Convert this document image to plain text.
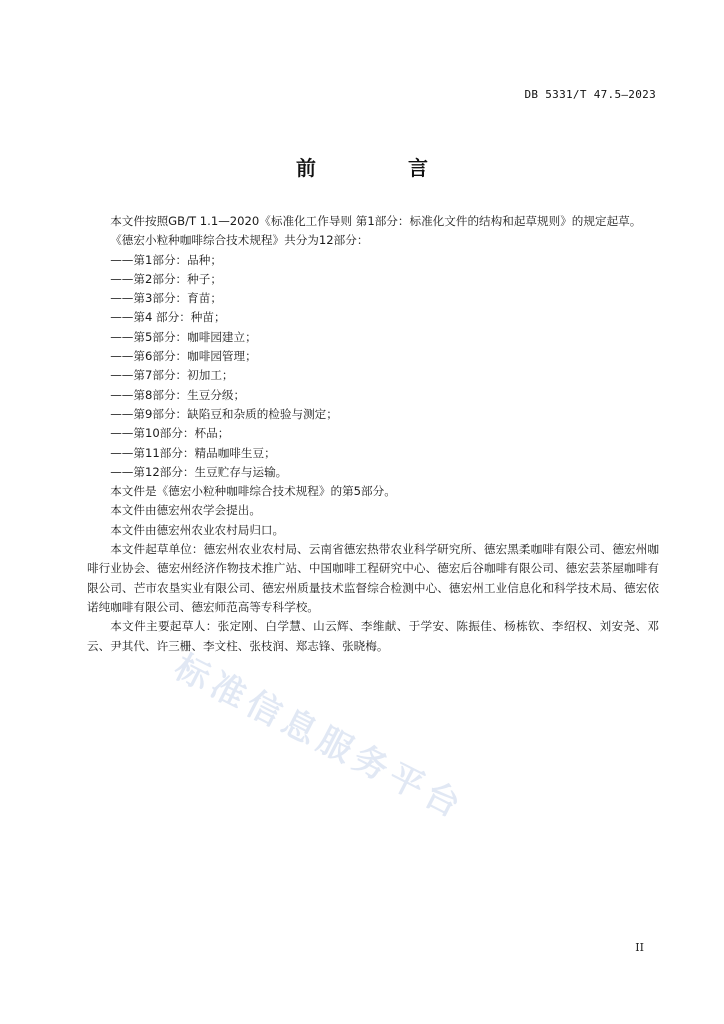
DB 5331/T 47.5—2023
前　言

本文件按照GB/T 1.1—2020《标准化工作导则 第1部分：标准化文件的结构和起草规则》的规定起草。

《德宏小粒种咖啡综合技术规程》共分为12部分：

——第1部分：品种；
——第2部分：种子；
——第3部分：育苗；
——第4 部分：种苗；
——第5部分：咖啡园建立；
——第6部分：咖啡园管理；
——第7部分：初加工；
——第8部分：生豆分级；
——第9部分：缺陷豆和杂质的检验与测定；
——第10部分：杯品；
——第11部分：精品咖啡生豆；
——第12部分：生豆贮存与运输。

本文件是《德宏小粒种咖啡综合技术规程》的第5部分。

本文件由德宏州农学会提出。

本文件由德宏州农业农村局归口。

本文件起草单位：德宏州农业农村局、云南省德宏热带农业科学研究所、德宏黑柔咖啡有限公司、德宏州咖啡行业协会、德宏州经济作物技术推广站、中国咖啡工程研究中心、德宏后谷咖啡有限公司、德宏芸茶屋咖啡有限公司、芒市农垦实业有限公司、德宏州质量技术监督综合检测中心、德宏州工业信息化和科学技术局、德宏依诺纯咖啡有限公司、德宏师范高等专科学校。

本文件主要起草人：张定刚、白学慧、山云辉、李维献、于学安、陈振佳、杨栋钦、李绍权、刘安尧、邓云、尹其代、许三栅、李文柱、张枝润、郑志锋、张晓梅。

标准信息服务平台
II
